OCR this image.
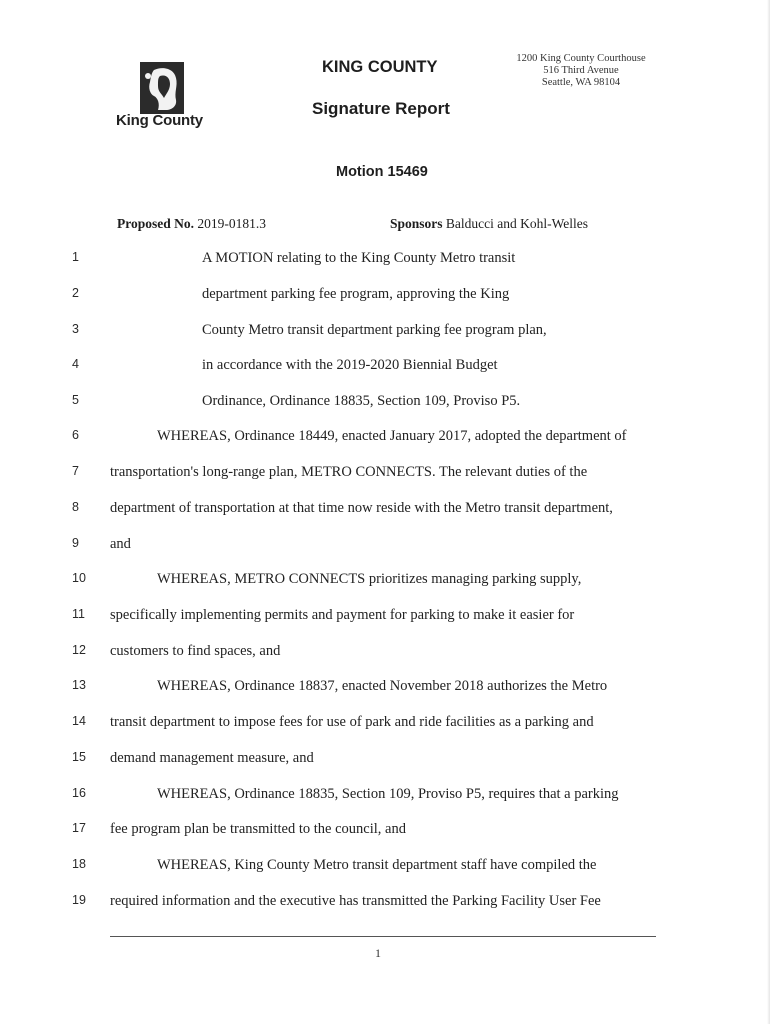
King County
KING COUNTY	1200 King County Courthouse
516 Third Avenue
Seattle, WA 98104
Signature Report
Motion 15469
Proposed No. 2019-0181.3	Sponsors Balducci and Kohl-Welles
1	A MOTION relating to the King County Metro transit
2	department parking fee program, approving the King
3	County Metro transit department parking fee program plan,
4	in accordance with the 2019-2020 Biennial Budget
5	Ordinance, Ordinance 18835, Section 109, Proviso P5.
6	WHEREAS, Ordinance 18449, enacted January 2017, adopted the department of
7	transportation's long-range plan, METRO CONNECTS. The relevant duties of the
8	department of transportation at that time now reside with the Metro transit department,
9	and
10	WHEREAS, METRO CONNECTS prioritizes managing parking supply,
11	specifically implementing permits and payment for parking to make it easier for
12	customers to find spaces, and
13	WHEREAS, Ordinance 18837, enacted November 2018 authorizes the Metro
14	transit department to impose fees for use of park and ride facilities as a parking and
15	demand management measure, and
16	WHEREAS, Ordinance 18835, Section 109, Proviso P5, requires that a parking
17	fee program plan be transmitted to the council, and
18	WHEREAS, King County Metro transit department staff have compiled the
19	required information and the executive has transmitted the Parking Facility User Fee
1
